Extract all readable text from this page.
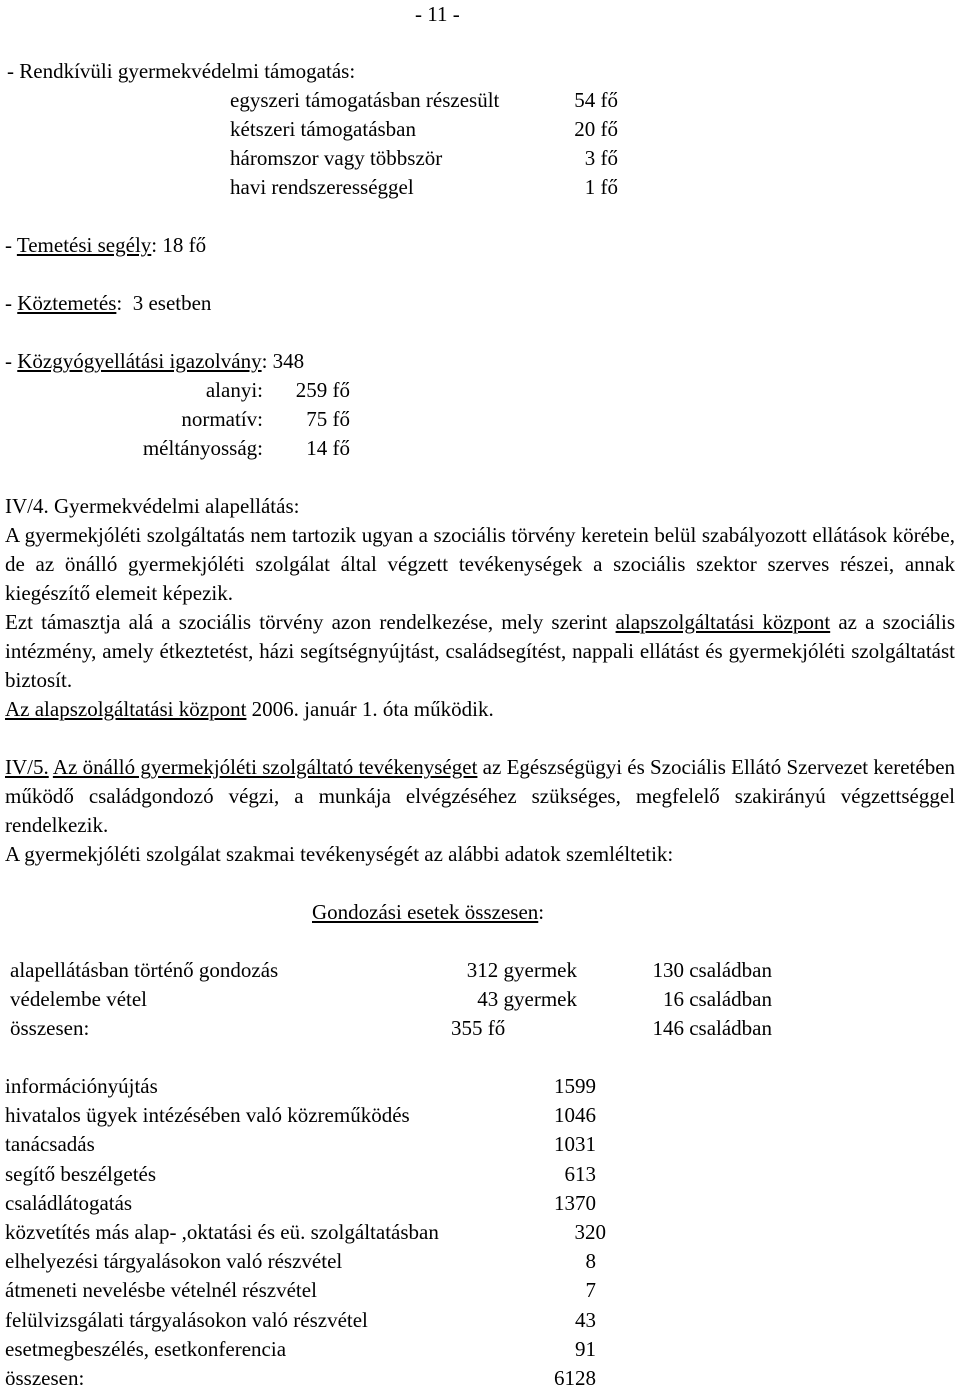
- 11 -
- Rendkívüli gyermekvédelmi támogatás:
egyszeri támogatásban részesült	54 fő
kétszeri támogatásban	20 fő
háromszor vagy többször	3 fő
havi rendszerességgel	1 fő
- Temetési segély: 18 fő
- Köztemetés:  3 esetben
- Közgyógyellátási igazolvány: 348
alanyi:	259 fő
normatív:	75 fő
méltányosság:	14 fő
IV/4. Gyermekvédelmi alapellátás:
A gyermekjóléti szolgáltatás nem tartozik ugyan a szociális törvény keretein belül szabályozott ellátások körébe, de az önálló gyermekjóléti szolgálat által végzett tevékenységek a szociális szektor szerves részei, annak kiegészítő elemeit képezik.
Ezt támasztja alá a szociális törvény azon rendelkezése, mely szerint alapszolgáltatási központ az a szociális intézmény, amely étkeztetést, házi segítségnyújtást, családsegítést, nappali ellátást és gyermekjóléti szolgáltatást biztosít.
Az alapszolgáltatási központ 2006. január 1. óta működik.
IV/5. Az önálló gyermekjóléti szolgáltató tevékenységet az Egészségügyi és Szociális Ellátó Szervezet keretében működő családgondozó végzi, a munkája elvégzéséhez szükséges, megfelelő szakirányú végzettséggel rendelkezik.
A gyermekjóléti szolgálat szakmai tevékenységét az alábbi adatok szemléltetik:
Gondozási esetek összesen:
alapellátásban történő gondozás	312 gyermek	130 családban
védelembe vétel	43 gyermek	16 családban
összesen:	355 fő	146 családban
információnyújtás	1599
hivatalos ügyek intézésében való közreműködés	1046
tanácsadás	1031
segítő beszélgetés	613
családlátogatás	1370
közvetítés más alap- ,oktatási és eü. szolgáltatásban	320
elhelyezési tárgyalásokon való részvétel	8
átmeneti nevelésbe vételnél részvétel	7
felülvizsgálati tárgyalásokon való részvétel	43
esetmegbeszélés, esetkonferencia	91
összesen:	6128
